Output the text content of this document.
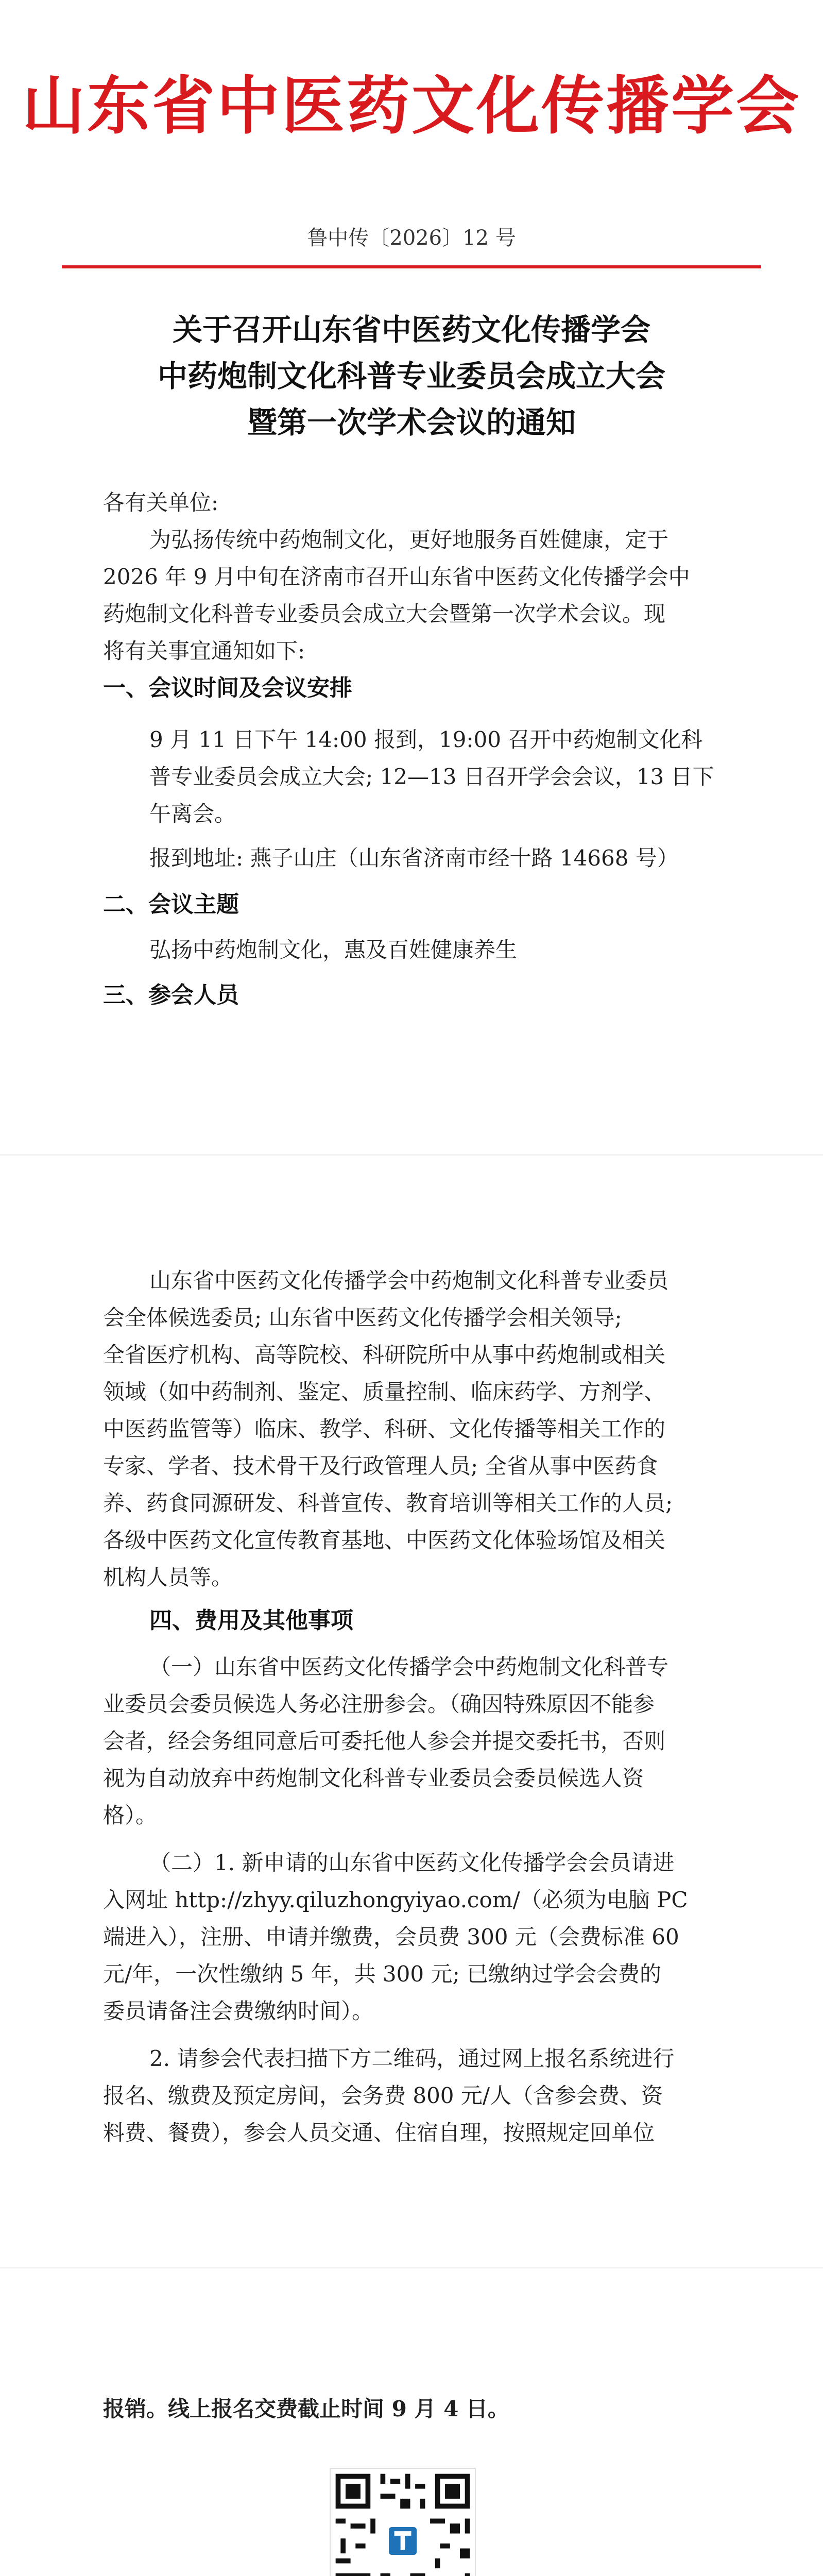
山东省中医药文化传播学会
鲁中传〔2026〕12 号
关于召开山东省中医药文化传播学会
中药炮制文化科普专业委员会成立大会
暨第一次学术会议的通知
各有关单位:
为弘扬传统中药炮制文化，更好地服务百姓健康，定于
2026 年 9 月中旬在济南市召开山东省中医药文化传播学会中
药炮制文化科普专业委员会成立大会暨第一次学术会议。现
将有关事宜通知如下:
一、会议时间及会议安排
9 月 11 日下午 14:00 报到，19:00 召开中药炮制文化科
普专业委员会成立大会; 12—13 日召开学会会议，13 日下
午离会。
报到地址: 燕子山庄（山东省济南市经十路 14668 号）
二、会议主题
弘扬中药炮制文化，惠及百姓健康养生
三、参会人员
山东省中医药文化传播学会中药炮制文化科普专业委员
会全体候选委员; 山东省中医药文化传播学会相关领导;
全省医疗机构、高等院校、科研院所中从事中药炮制或相关
领域（如中药制剂、鉴定、质量控制、临床药学、方剂学、
中医药监管等）临床、教学、科研、文化传播等相关工作的
专家、学者、技术骨干及行政管理人员; 全省从事中医药食
养、药食同源研发、科普宣传、教育培训等相关工作的人员;
各级中医药文化宣传教育基地、中医药文化体验场馆及相关
机构人员等。
四、费用及其他事项
（一）山东省中医药文化传播学会中药炮制文化科普专
业委员会委员候选人务必注册参会。（确因特殊原因不能参
会者，经会务组同意后可委托他人参会并提交委托书，否则
视为自动放弃中药炮制文化科普专业委员会委员候选人资
格）。
（二）1. 新申请的山东省中医药文化传播学会会员请进
入网址 http://zhyy.qiluzhongyiyao.com/（必须为电脑 PC
端进入），注册、申请并缴费，会员费 300 元（会费标准 60
元/年，一次性缴纳 5 年，共 300 元; 已缴纳过学会会费的
委员请备注会费缴纳时间）。
2. 请参会代表扫描下方二维码，通过网上报名系统进行
报名、缴费及预定房间，会务费 800 元/人（含参会费、资
料费、餐费），参会人员交通、住宿自理，按照规定回单位
报销。线上报名交费截止时间 9 月 4 日。
